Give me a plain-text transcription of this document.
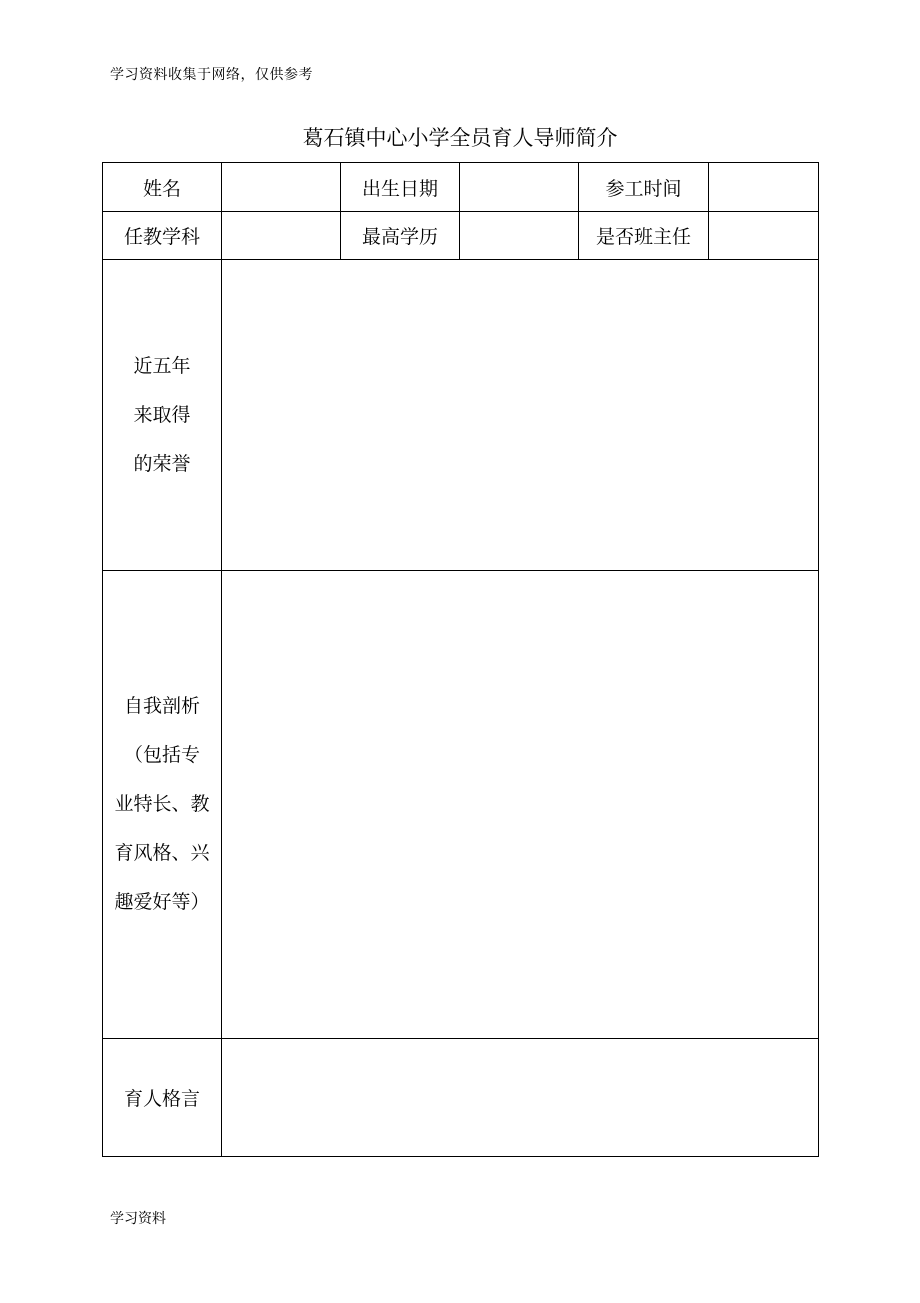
学习资料收集于网络，仅供参考
葛石镇中心小学全员育人导师简介
姓名		出生日期		参工时间	
任教学科		最高学历		是否班主任	

近五年
来取得
的荣誉					

自我剖析
（包括专
业特长、教
育风格、兴
趣爱好等）					

育人格言					
学习资料
